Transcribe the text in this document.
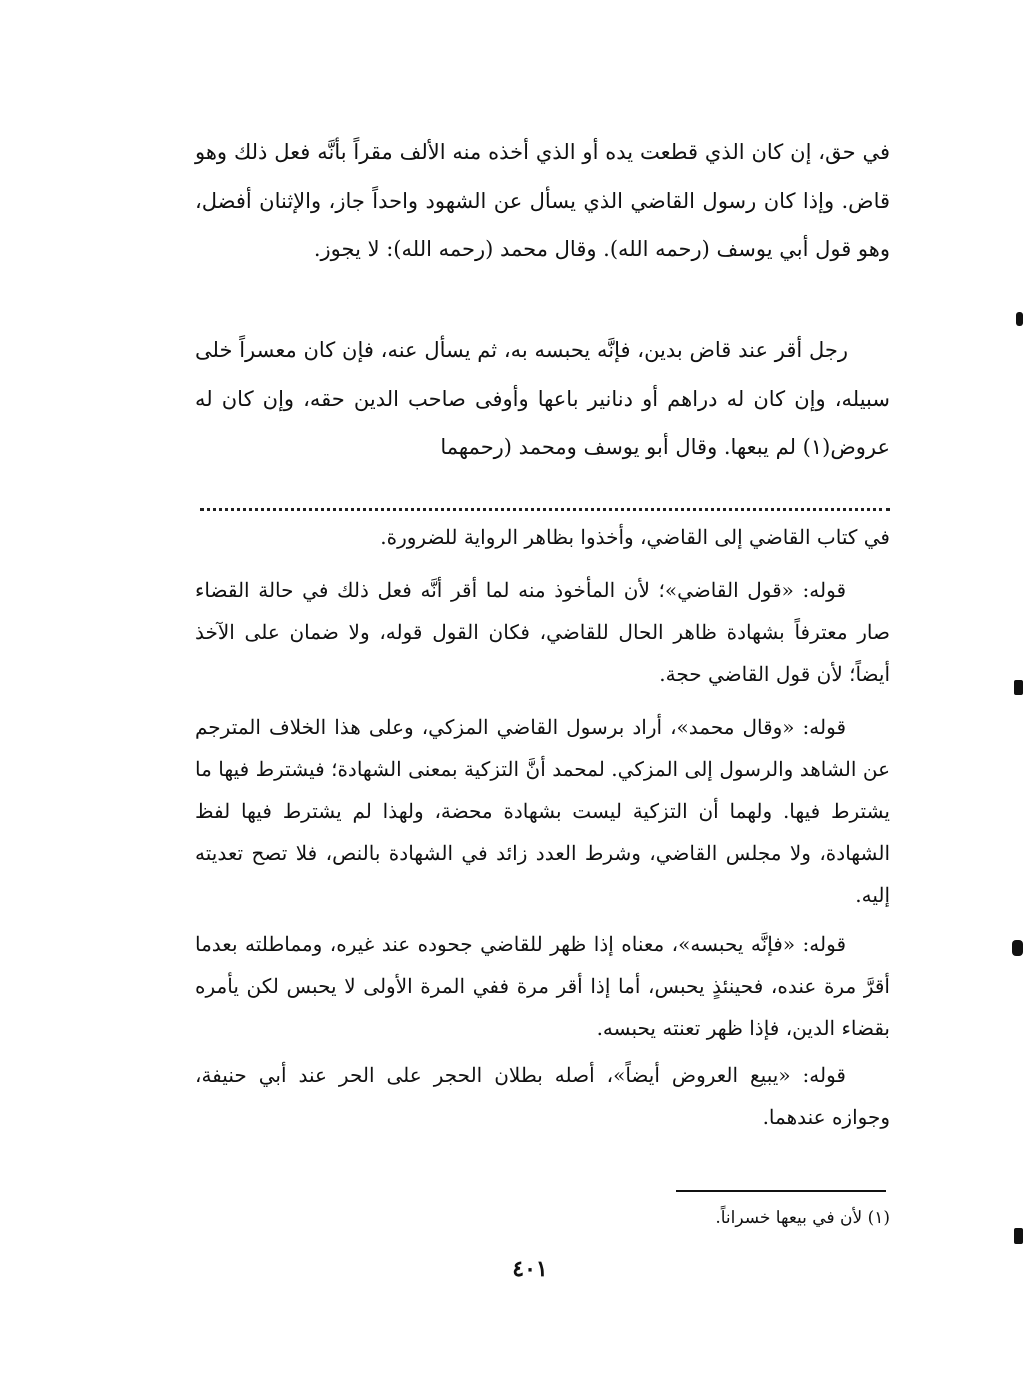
في حق، إن كان الذي قطعت يده أو الذي أخذه منه الألف مقراً بأنَّه فعل ذلك وهو قاض. وإذا كان رسول القاضي الذي يسأل عن الشهود واحداً جاز، والإثنان أفضل، وهو قول أبي يوسف (رحمه الله). وقال محمد (رحمه الله): لا يجوز.

رجل أقر عند قاض بدين، فإنَّه يحبسه به، ثم يسأل عنه، فإن كان معسراً خلى سبيله، وإن كان له دراهم أو دنانير باعها وأوفى صاحب الدين حقه، وإن كان له عروض(١) لم يبعها. وقال أبو يوسف ومحمد (رحمهما

في كتاب القاضي إلى القاضي، وأخذوا بظاهر الرواية للضرورة.

قوله: «قول القاضي»؛ لأن المأخوذ منه لما أقر أنَّه فعل ذلك في حالة القضاء صار معترفاً بشهادة ظاهر الحال للقاضي، فكان القول قوله، ولا ضمان على الآخذ أيضاً؛ لأن قول القاضي حجة.

قوله: «وقال محمد»، أراد برسول القاضي المزكي، وعلى هذا الخلاف المترجم عن الشاهد والرسول إلى المزكي. لمحمد أنَّ التزكية بمعنى الشهادة؛ فيشترط فيها ما يشترط فيها. ولهما أن التزكية ليست بشهادة محضة، ولهذا لم يشترط فيها لفظ الشهادة، ولا مجلس القاضي، وشرط العدد زائد في الشهادة بالنص، فلا تصح تعديته إليه.

قوله: «فإنَّه يحبسه»، معناه إذا ظهر للقاضي جحوده عند غيره، ومماطلته بعدما أقرَّ مرة عنده، فحينئذٍ يحبس، أما إذا أقر مرة ففي المرة الأولى لا يحبس لكن يأمره بقضاء الدين، فإذا ظهر تعنته يحبسه.

قوله: «يبيع العروض أيضاً»، أصله بطلان الحجر على الحر عند أبي حنيفة، وجوازه عندهما.

(١) لأن في بيعها خسراناً.
٤٠١
